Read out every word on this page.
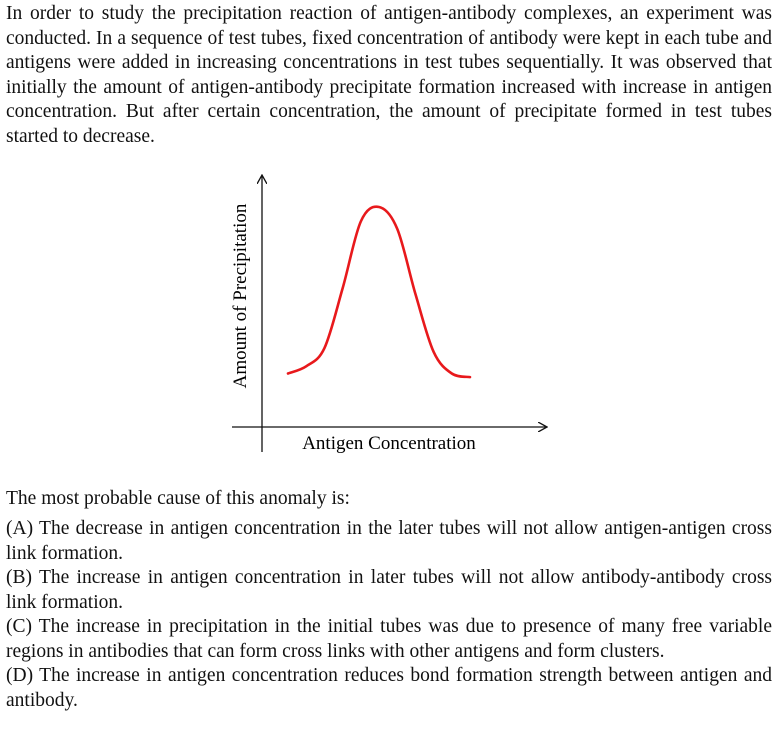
In order to study the precipitation reaction of antigen-antibody complexes, an experiment was conducted. In a sequence of test tubes, fixed concentration of antibody were kept in each tube and antigens were added in increasing concentrations in test tubes sequentially. It was observed that initially the amount of antigen-antibody precipitate formation increased with increase in antigen concentration. But after certain concentration, the amount of precipitate formed in test tubes started to decrease.

Antigen Concentration
Amount of Precipitation

The most probable cause of this anomaly is:

(A) The decrease in antigen concentration in the later tubes will not allow antigen-antigen cross link formation.
(B) The increase in antigen concentration in later tubes will not allow antibody-antibody cross link formation.
(C) The increase in precipitation in the initial tubes was due to presence of many free variable regions in antibodies that can form cross links with other antigens and form clusters.
(D) The increase in antigen concentration reduces bond formation strength between antigen and antibody.
